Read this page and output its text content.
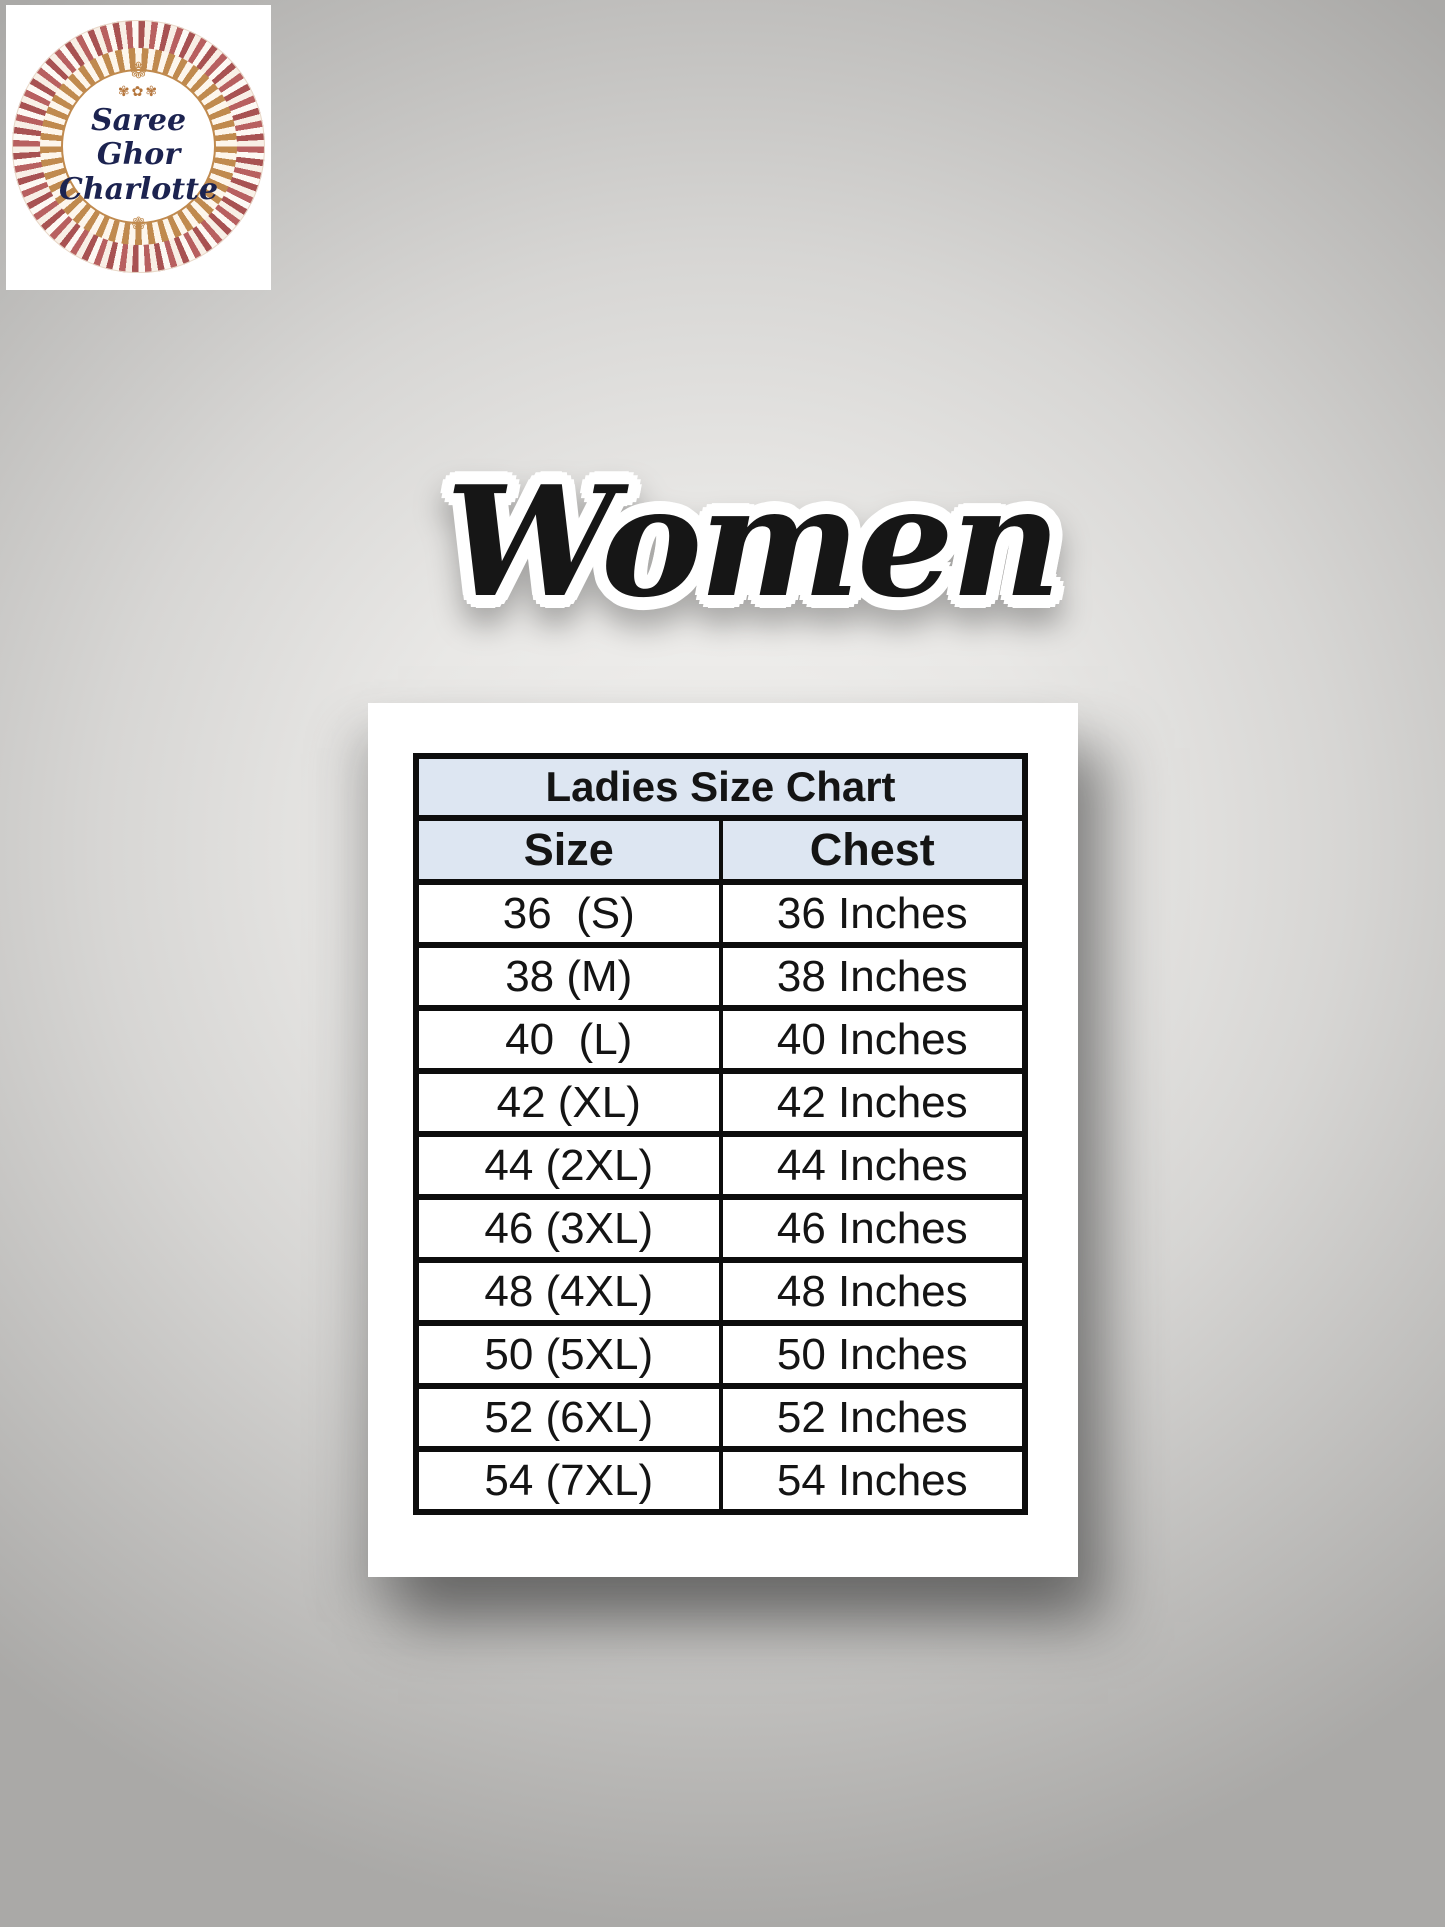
❁
✾✿✾
Saree Ghor
Charlotte
❁
Women
Ladies Size Chart	
Size	Chest
36  (S)	36 Inches
38 (M)	38 Inches
40  (L)	40 Inches
42 (XL)	42 Inches
44 (2XL)	44 Inches
46 (3XL)	46 Inches
48 (4XL)	48 Inches
50 (5XL)	50 Inches
52 (6XL)	52 Inches
54 (7XL)	54 Inches
